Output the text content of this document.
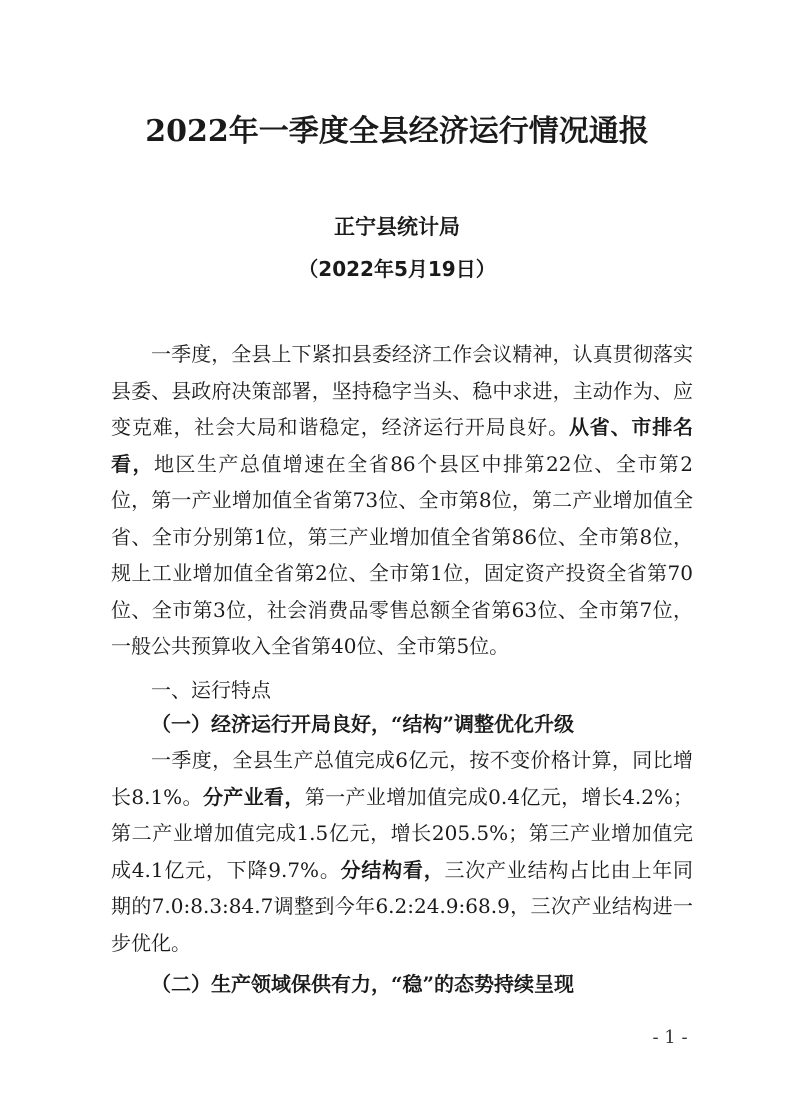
2022年一季度全县经济运行情况通报
正宁县统计局
（2022年5月19日）

一季度，全县上下紧扣县委经济工作会议精神，认真贯彻落实县委、县政府决策部署，坚持稳字当头、稳中求进，主动作为、应变克难，社会大局和谐稳定，经济运行开局良好。从省、市排名看，地区生产总值增速在全省86个县区中排第22位、全市第2位，第一产业增加值全省第73位、全市第8位，第二产业增加值全省、全市分别第1位，第三产业增加值全省第86位、全市第8位，规上工业增加值全省第2位、全市第1位，固定资产投资全省第70位、全市第3位，社会消费品零售总额全省第63位、全市第7位，一般公共预算收入全省第40位、全市第5位。

一、运行特点
（一）经济运行开局良好，“结构”调整优化升级

一季度，全县生产总值完成6亿元，按不变价格计算，同比增长8.1%。分产业看，第一产业增加值完成0.4亿元，增长4.2%；第二产业增加值完成1.5亿元，增长205.5%；第三产业增加值完成4.1亿元，下降9.7%。分结构看，三次产业结构占比由上年同期的7.0:8.3:84.7调整到今年6.2:24.9:68.9，三次产业结构进一步优化。

（二）生产领域保供有力，“稳”的态势持续呈现
- 1 -
